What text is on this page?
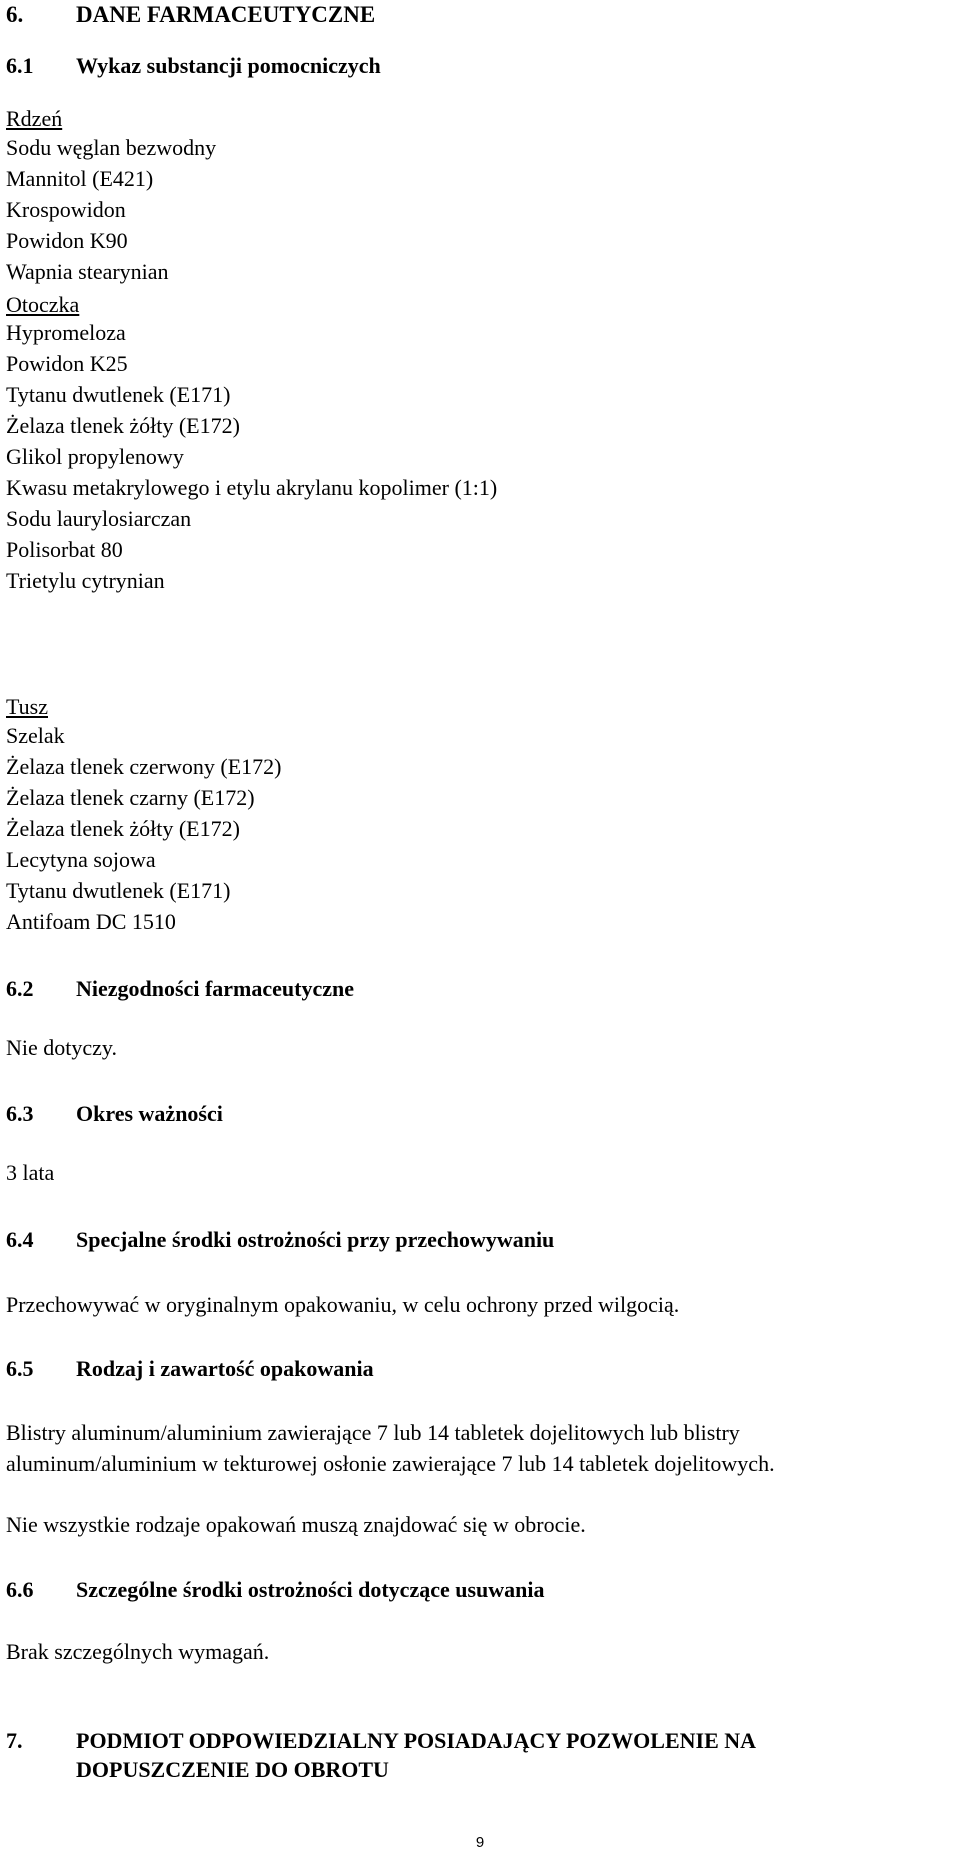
6. DANE FARMACEUTYCZNE
6.1 Wykaz substancji pomocniczych
Rdzeń
Sodu węglan bezwodny
Mannitol (E421)
Krospowidon
Powidon K90
Wapnia stearynian
Otoczka
Hypromeloza
Powidon K25
Tytanu dwutlenek (E171)
Żelaza tlenek żółty (E172)
Glikol propylenowy
Kwasu metakrylowego i etylu akrylanu kopolimer (1:1)
Sodu laurylosiarczan
Polisorbat 80
Trietylu cytrynian
Tusz
Szelak
Żelaza tlenek czerwony (E172)
Żelaza tlenek czarny (E172)
Żelaza tlenek żółty (E172)
Lecytyna sojowa
Tytanu dwutlenek (E171)
Antifoam DC 1510
6.2 Niezgodności farmaceutyczne
Nie dotyczy.
6.3 Okres ważności
3 lata
6.4 Specjalne środki ostrożności przy przechowywaniu
Przechowywać w oryginalnym opakowaniu, w celu ochrony przed wilgocią.
6.5 Rodzaj i zawartość opakowania
Blistry aluminum/aluminium zawierające 7 lub 14 tabletek dojelitowych lub blistry
aluminum/aluminium w tekturowej osłonie zawierające 7 lub 14 tabletek dojelitowych.
Nie wszystkie rodzaje opakowań muszą znajdować się w obrocie.
6.6 Szczególne środki ostrożności dotyczące usuwania
Brak szczególnych wymagań.
7. PODMIOT ODPOWIEDZIALNY POSIADAJĄCY POZWOLENIE NA
DOPUSZCZENIE DO OBROTU
9
